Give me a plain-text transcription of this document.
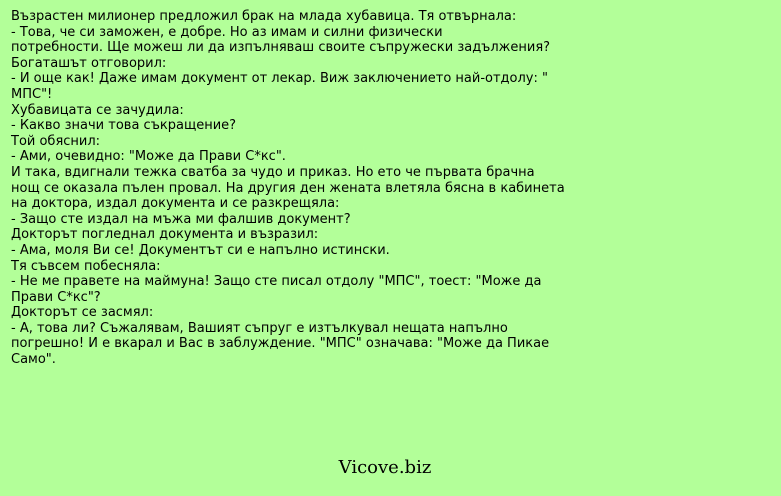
Възрастен милионер предложил брак на млада хубавица. Тя отвърнала:
- Това, че си заможен, е добре. Но аз имам и силни физически
потребности. Ще можеш ли да изпълняваш своите съпружески задължения?
Богаташът отговорил:
- И още как! Даже имам документ от лекар. Виж заключението най-отдолу: "
МПС"!
Хубавицата се зачудила:
- Какво значи това съкращение?
Той обяснил:
- Ами, очевидно: "Може да Прави С*кс".
И така, вдигнали тежка сватба за чудо и приказ. Но ето че първата брачна
нощ се оказала пълен провал. На другия ден жената влетяла бясна в кабинета
на доктора, издал документа и се разкрещяла:
- Защо сте издал на мъжа ми фалшив документ?
Докторът погледнал документа и възразил:
- Ама, моля Ви се! Документът си е напълно истински.
Тя съвсем побесняла:
- Не ме правете на маймуна! Защо сте писал отдолу "МПС", тоест: "Може да
Прави С*кс"?
Докторът се засмял:
- А, това ли? Съжалявам, Вашият съпруг е изтълкувал нещата напълно
погрешно! И е вкарал и Вас в заблуждение. "МПС" означава: "Може да Пикае
Само".
Vicove.biz
